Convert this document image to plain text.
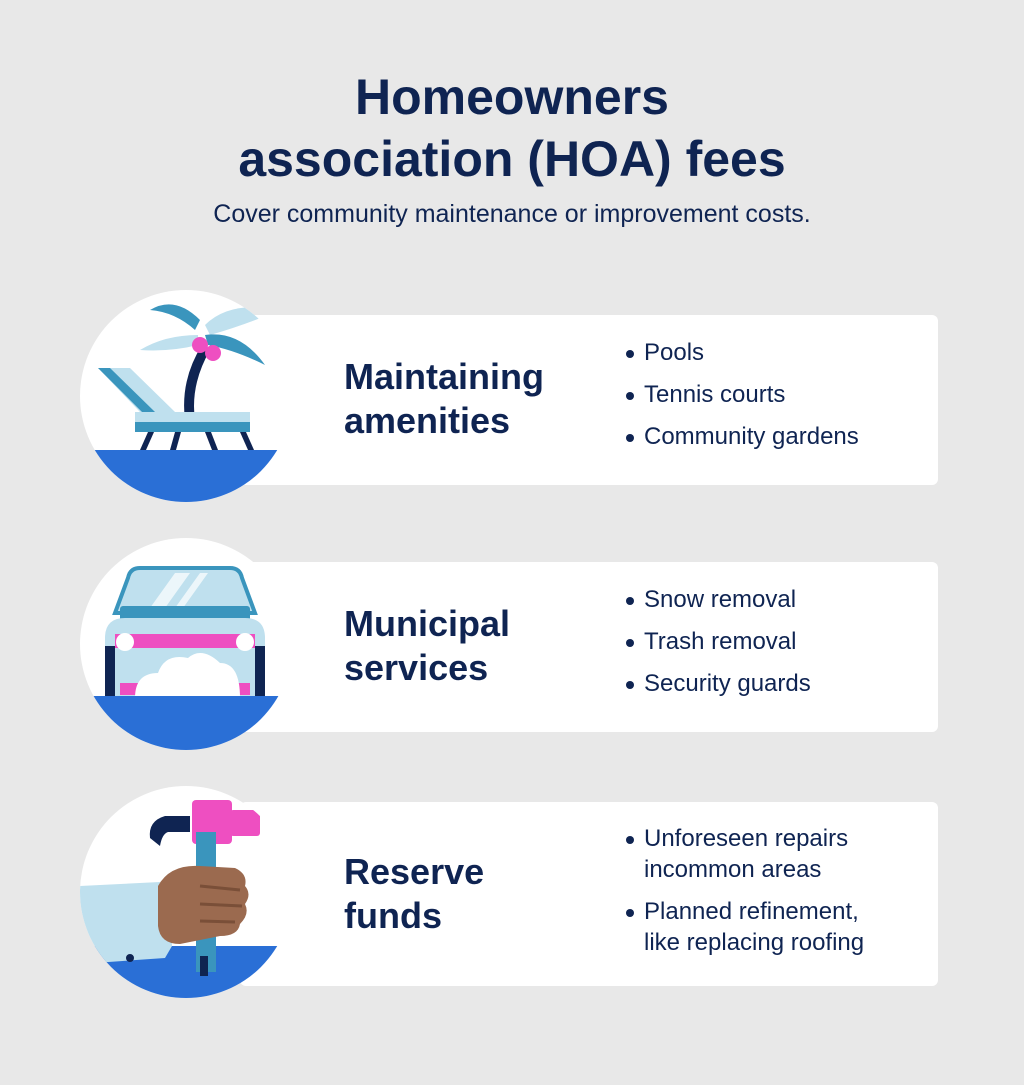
Homeowners
association (HOA) fees

Cover community maintenance or improvement costs.

Maintaining
amenities
Pools
Tennis courts
Community gardens
Municipal
services
Snow removal
Trash removal
Security guards
Reserve
funds
Unforeseen repairs
incommon areas
Planned refinement,
like replacing roofing
